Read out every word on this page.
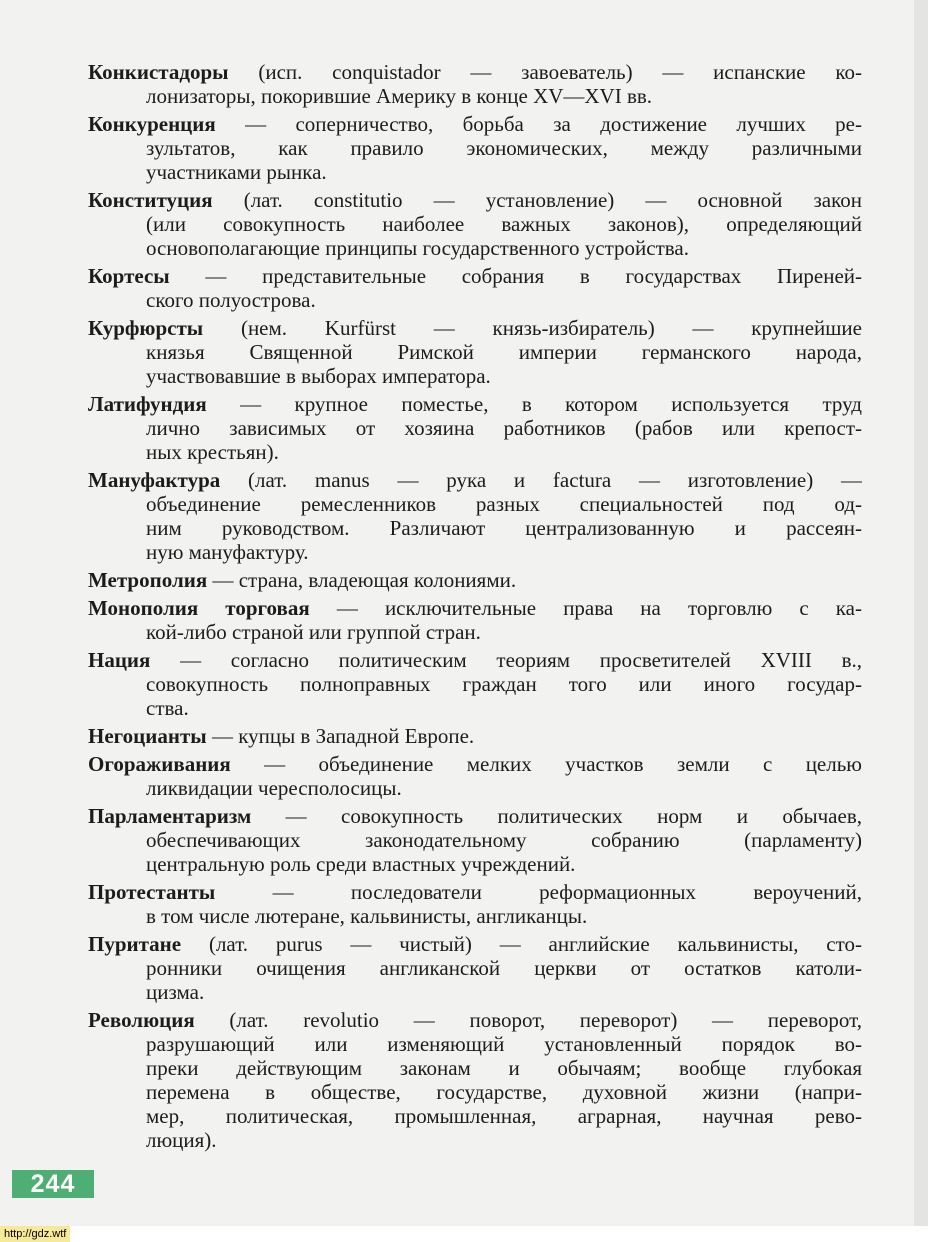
Конкистадоры (исп. conquistador — завоеватель) — испанские ко-
лонизаторы, покорившие Америку в конце XV—XVI вв.
Конкуренция — соперничество, борьба за достижение лучших ре-
зультатов, как правило экономических, между различными
участниками рынка.
Конституция (лат. constitutio — установление) — основной закон
(или совокупность наиболее важных законов), определяющий
основополагающие принципы государственного устройства.
Кортесы — представительные собрания в государствах Пиреней-
ского полуострова.
Курфюрсты (нем. Kurfürst — князь-избиратель) — крупнейшие
князья Священной Римской империи германского народа,
участвовавшие в выборах императора.
Латифундия — крупное поместье, в котором используется труд
лично зависимых от хозяина работников (рабов или крепост-
ных крестьян).
Мануфактура (лат. manus — рука и factura — изготовление) —
объединение ремесленников разных специальностей под од-
ним руководством. Различают централизованную и рассеян-
ную мануфактуру.
Метрополия — страна, владеющая колониями.
Монополия торговая — исключительные права на торговлю с ка-
кой-либо страной или группой стран.
Нация — согласно политическим теориям просветителей XVIII в.,
совокупность полноправных граждан того или иного государ-
ства.
Негоцианты — купцы в Западной Европе.
Огораживания — объединение мелких участков земли с целью
ликвидации чересполосицы.
Парламентаризм — совокупность политических норм и обычаев,
обеспечивающих законодательному собранию (парламенту)
центральную роль среди властных учреждений.
Протестанты — последователи реформационных вероучений,
в том числе лютеране, кальвинисты, англиканцы.
Пуритане (лат. purus — чистый) — английские кальвинисты, сто-
ронники очищения англиканской церкви от остатков католи-
цизма.
Революция (лат. revolutio — поворот, переворот) — переворот,
разрушающий или изменяющий установленный порядок во-
преки действующим законам и обычаям; вообще глубокая
перемена в обществе, государстве, духовной жизни (напри-
мер, политическая, промышленная, аграрная, научная рево-
люция).
244
http://gdz.wtf
